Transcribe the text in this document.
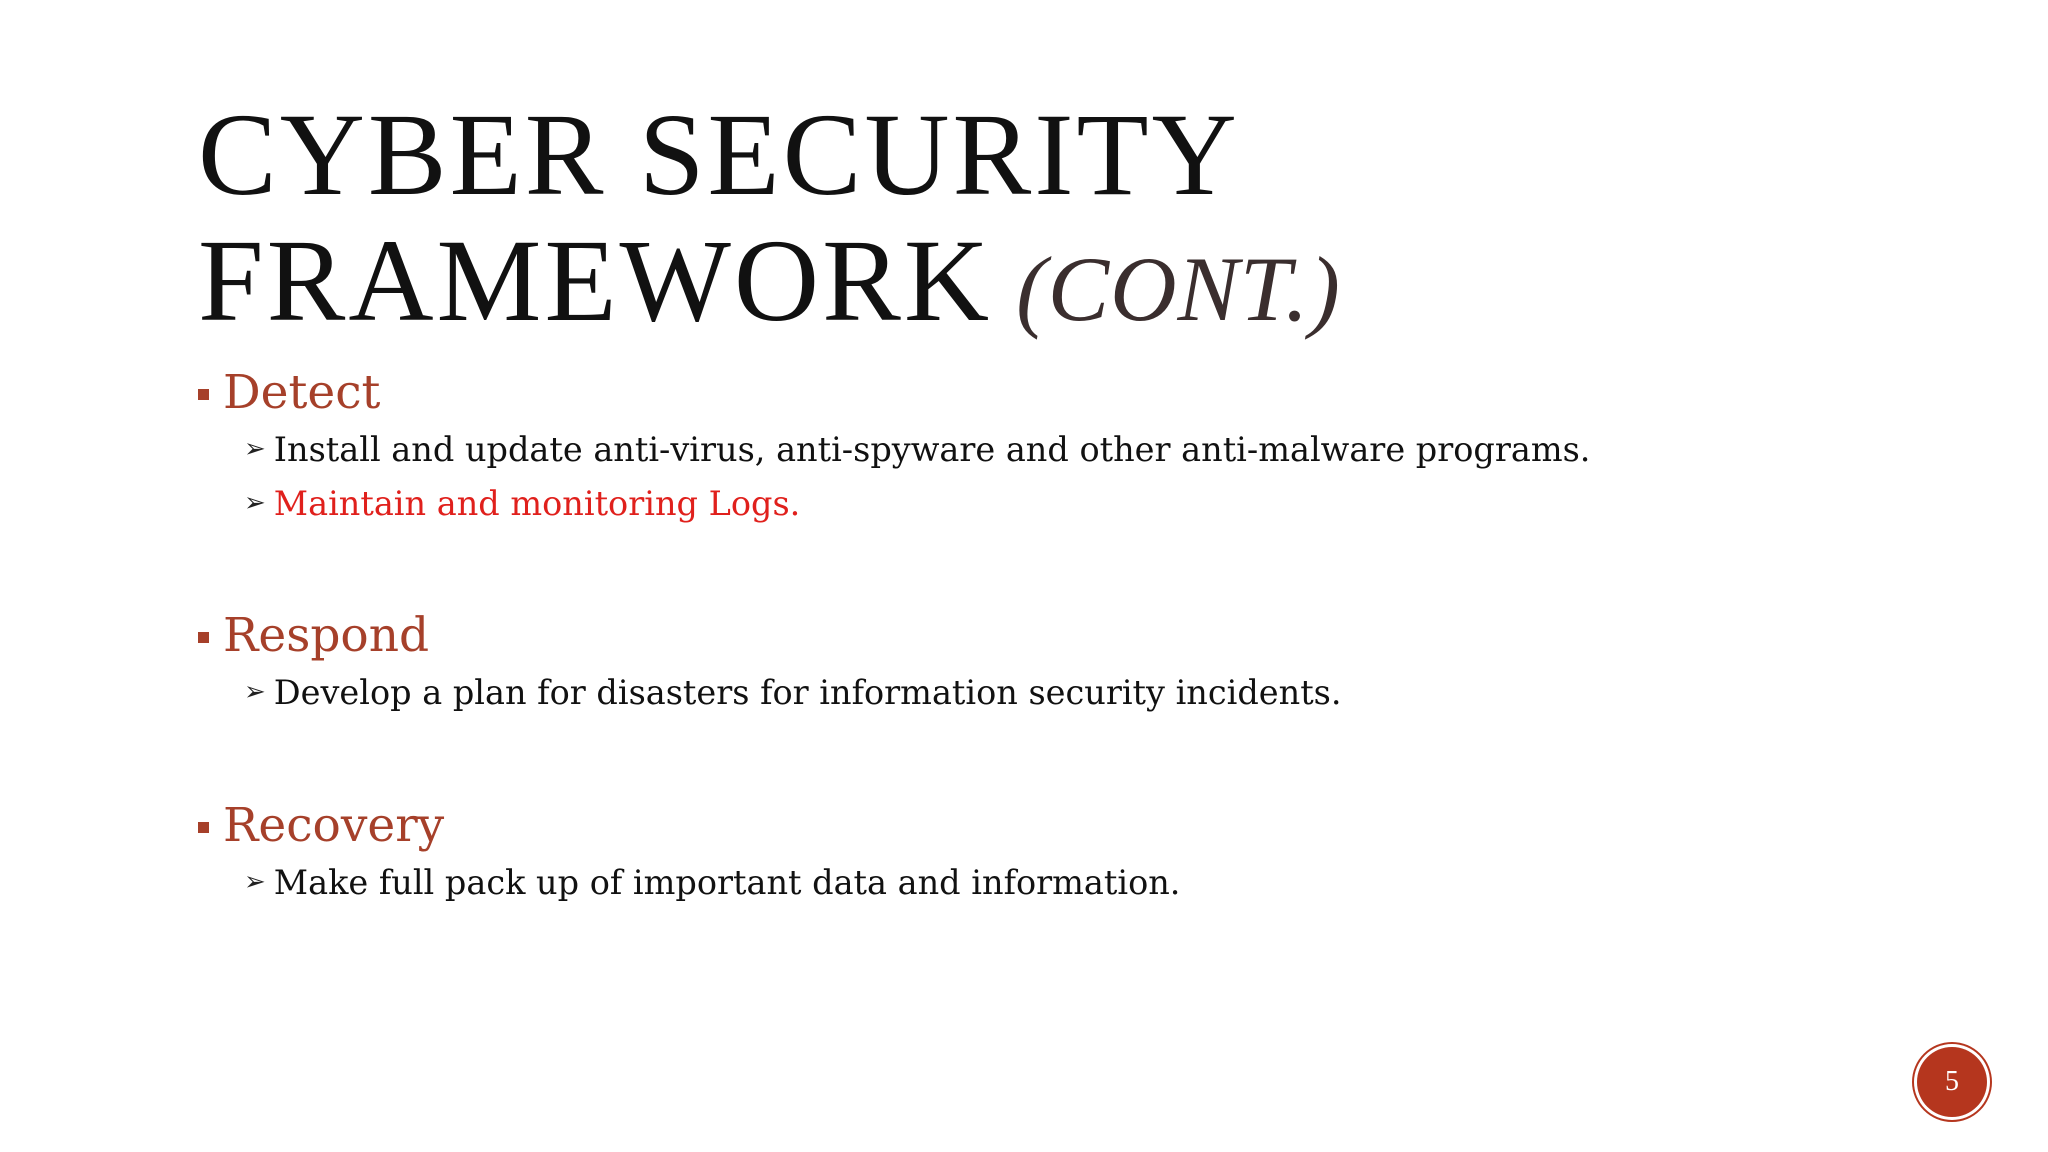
CYBER SECURITY
FRAMEWORK (CONT.)
Detect
➢ Install and update anti-virus, anti-spyware and other anti-malware programs.
➢ Maintain and monitoring Logs.
Respond
➢ Develop a plan for disasters for information security incidents.
Recovery
➢ Make full pack up of important data and information.
5
